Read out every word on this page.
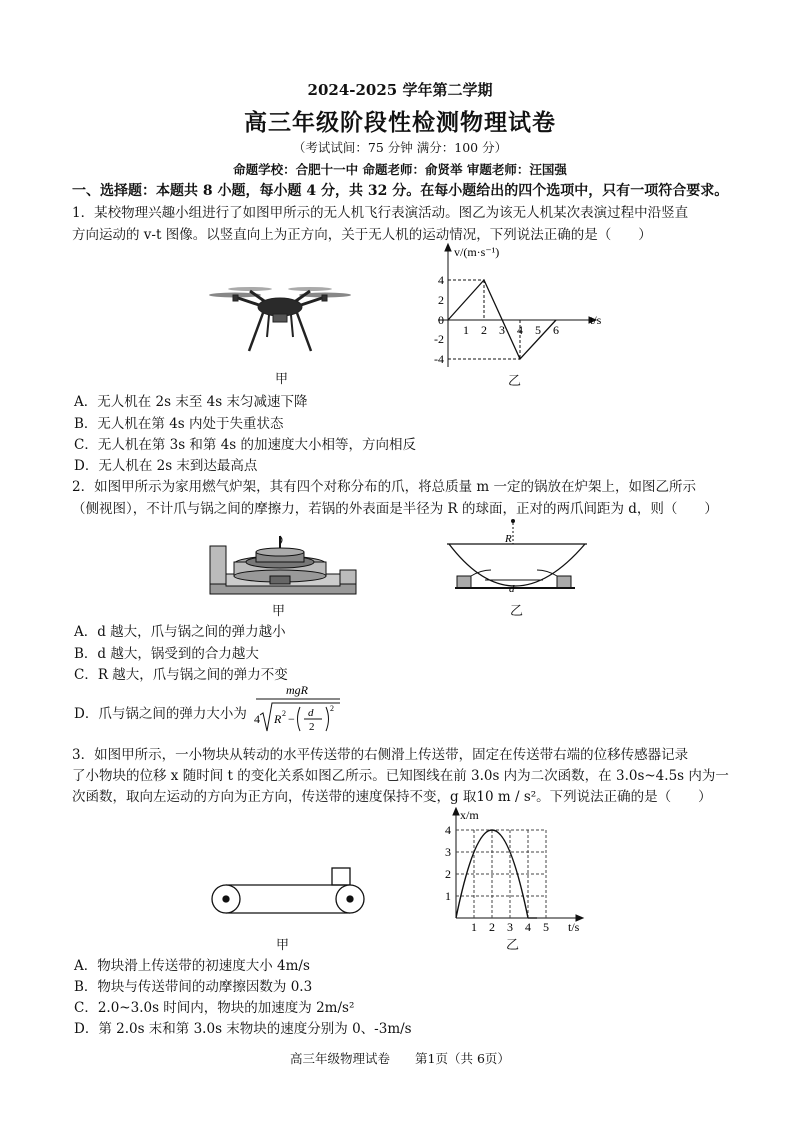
2024-2025 学年第二学期
高三年级阶段性检测物理试卷
（考试试间：75 分钟 满分：100 分）
命题学校：合肥十一中 命题老师：俞贤举 审题老师：汪国强
一、选择题：本题共 8 小题，每小题 4 分，共 32 分。在每小题给出的四个选项中，只有一项符合要求。
1．某校物理兴趣小组进行了如图甲所示的无人机飞行表演活动。图乙为该无人机某次表演过程中沿竖直
方向运动的 v-t 图像。以竖直向上为正方向，关于无人机的运动情况，下列说法正确的是（　　）
甲
v/(m·s⁻¹)
t/s
4
2
0
-2
-4
1 2 3 4 5 6
乙
A．无人机在 2s 末至 4s 末匀减速下降
B．无人机在第 4s 内处于失重状态
C．无人机在第 3s 和第 4s 的加速度大小相等，方向相反
D．无人机在 2s 末到达最高点
2．如图甲所示为家用燃气炉架，其有四个对称分布的爪，将总质量 m 一定的锅放在炉架上，如图乙所示
（侧视图），不计爪与锅之间的摩擦力，若锅的外表面是半径为 R 的球面，正对的两爪间距为 d，则（　　）
甲
R
d
乙
A．d 越大，爪与锅之间的弹力越小
B．d 越大，锅受到的合力越大
C．R 越大，爪与锅之间的弹力不变
D．爪与锅之间的弹力大小为
mgR
4 R 2 − d
2
2
3．如图甲所示，一小物块从转动的水平传送带的右侧滑上传送带，固定在传送带右端的位移传感器记录
了小物块的位移 x 随时间 t 的变化关系如图乙所示。已知图线在前 3.0s 内为二次函数，在 3.0s~4.5s 内为一
次函数，取向左运动的方向为正方向，传送带的速度保持不变，g 取10 m / s²。下列说法正确的是（　　）
甲
x/m
t/s
4
3
2
1
1 2 3 4 5
乙
A．物块滑上传送带的初速度大小 4m/s
B．物块与传送带间的动摩擦因数为 0.3
C．2.0~3.0s 时间内，物块的加速度为 2m/s²
D．第 2.0s 末和第 3.0s 末物块的速度分别为 0、-3m/s
高三年级物理试卷　　第1页（共 6页）
